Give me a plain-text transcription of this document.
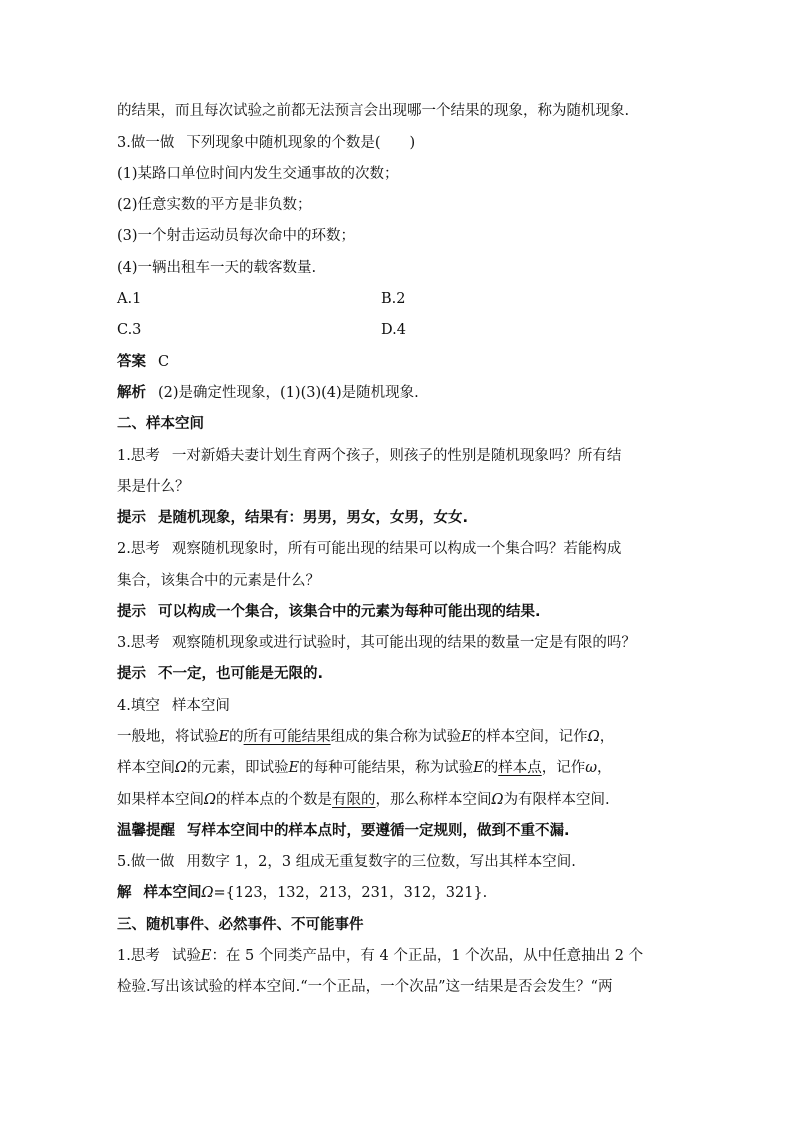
的结果，而且每次试验之前都无法预言会出现哪一个结果的现象，称为随机现象.
3.做一做 下列现象中随机现象的个数是(　　)
(1)某路口单位时间内发生交通事故的次数；
(2)任意实数的平方是非负数；
(3)一个射击运动员每次命中的环数；
(4)一辆出租车一天的载客数量.
A.1	B.2
C.3	D.4
答案 C
解析 (2)是确定性现象，(1)(3)(4)是随机现象.
二、样本空间
1.思考 一对新婚夫妻计划生育两个孩子，则孩子的性别是随机现象吗？所有结
果是什么？
提示 是随机现象，结果有：男男，男女，女男，女女.
2.思考 观察随机现象时，所有可能出现的结果可以构成一个集合吗？若能构成
集合，该集合中的元素是什么？
提示 可以构成一个集合，该集合中的元素为每种可能出现的结果.
3.思考 观察随机现象或进行试验时，其可能出现的结果的数量一定是有限的吗？
提示 不一定，也可能是无限的.
4.填空 样本空间
一般地，将试验E的所有可能结果组成的集合称为试验E的样本空间，记作Ω，
样本空间Ω的元素，即试验E的每种可能结果，称为试验E的样本点，记作ω，
如果样本空间Ω的样本点的个数是有限的，那么称样本空间Ω为有限样本空间.
温馨提醒 写样本空间中的样本点时，要遵循一定规则，做到不重不漏.
5.做一做 用数字 1，2，3 组成无重复数字的三位数，写出其样本空间.
解 样本空间Ω={123，132，213，231，312，321}.
三、随机事件、必然事件、不可能事件
1.思考 试验E：在 5 个同类产品中，有 4 个正品，1 个次品，从中任意抽出 2 个
检验.写出该试验的样本空间.“一个正品，一个次品”这一结果是否会发生？“两
